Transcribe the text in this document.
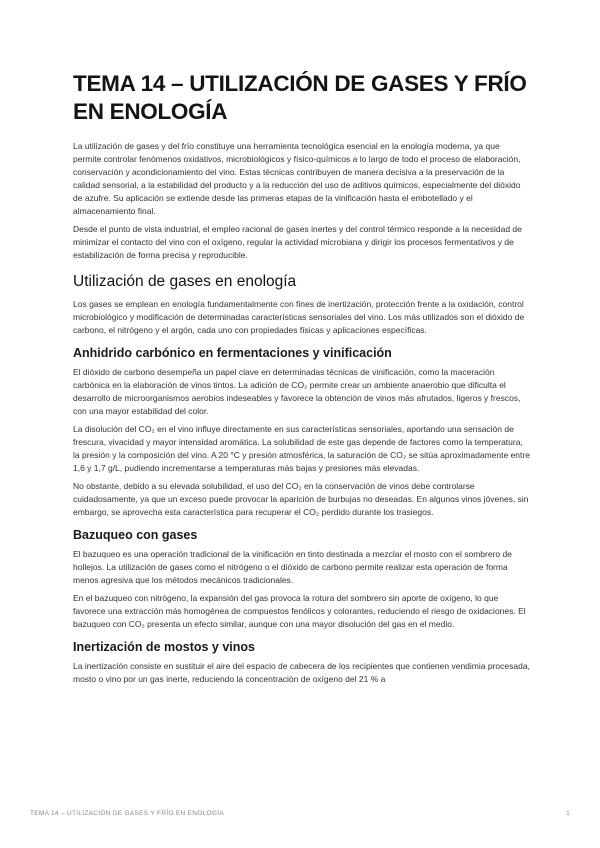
TEMA 14 – UTILIZACIÓN DE GASES Y FRÍO EN ENOLOGÍA

La utilización de gases y del frío constituye una herramienta tecnológica esencial en la enología moderna, ya que permite controlar fenómenos oxidativos, microbiológicos y físico-químicos a lo largo de todo el proceso de elaboración, conservación y acondicionamiento del vino. Estas técnicas contribuyen de manera decisiva a la preservación de la calidad sensorial, a la estabilidad del producto y a la reducción del uso de aditivos químicos, especialmente del dióxido de azufre. Su aplicación se extiende desde las primeras etapas de la vinificación hasta el embotellado y el almacenamiento final.

Desde el punto de vista industrial, el empleo racional de gases inertes y del control térmico responde a la necesidad de minimizar el contacto del vino con el oxígeno, regular la actividad microbiana y dirigir los procesos fermentativos y de estabilización de forma precisa y reproducible.

Utilización de gases en enología

Los gases se emplean en enología fundamentalmente con fines de inertización, protección frente a la oxidación, control microbiológico y modificación de determinadas características sensoriales del vino. Los más utilizados son el dióxido de carbono, el nitrógeno y el argón, cada uno con propiedades físicas y aplicaciones específicas.

Anhidrido carbónico en fermentaciones y vinificación

El dióxido de carbono desempeña un papel clave en determinadas técnicas de vinificación, como la maceración carbónica en la elaboración de vinos tintos. La adición de CO₂ permite crear un ambiente anaerobio que dificulta el desarrollo de microorganismos aerobios indeseables y favorece la obtención de vinos más afrutados, ligeros y frescos, con una mayor estabilidad del color.

La disolución del CO₂ en el vino influye directamente en sus características sensoriales, aportando una sensación de frescura, vivacidad y mayor intensidad aromática. La solubilidad de este gas depende de factores como la temperatura, la presión y la composición del vino. A 20 °C y presión atmosférica, la saturación de CO₂ se sitúa aproximadamente entre 1,6 y 1,7 g/L, pudiendo incrementarse a temperaturas más bajas y presiones más elevadas.

No obstante, debido a su elevada solubilidad, el uso del CO₂ en la conservación de vinos debe controlarse cuidadosamente, ya que un exceso puede provocar la aparición de burbujas no deseadas. En algunos vinos jóvenes, sin embargo, se aprovecha esta característica para recuperar el CO₂ perdido durante los trasiegos.

Bazuqueo con gases

El bazuqueo es una operación tradicional de la vinificación en tinto destinada a mezclar el mosto con el sombrero de hollejos. La utilización de gases como el nitrógeno o el dióxido de carbono permite realizar esta operación de forma menos agresiva que los métodos mecánicos tradicionales.

En el bazuqueo con nitrógeno, la expansión del gas provoca la rotura del sombrero sin aporte de oxígeno, lo que favorece una extracción más homogénea de compuestos fenólicos y colorantes, reduciendo el riesgo de oxidaciones. El bazuqueo con CO₂ presenta un efecto similar, aunque con una mayor disolución del gas en el medio.

Inertización de mostos y vinos

La inertización consiste en sustituir el aire del espacio de cabecera de los recipientes que contienen vendimia procesada, mosto o vino por un gas inerte, reduciendo la concentración de oxígeno del 21 % a

TEMA 14 – UTILIZACIÓN DE GASES Y FRÍO EN ENOLOGÍA	1
